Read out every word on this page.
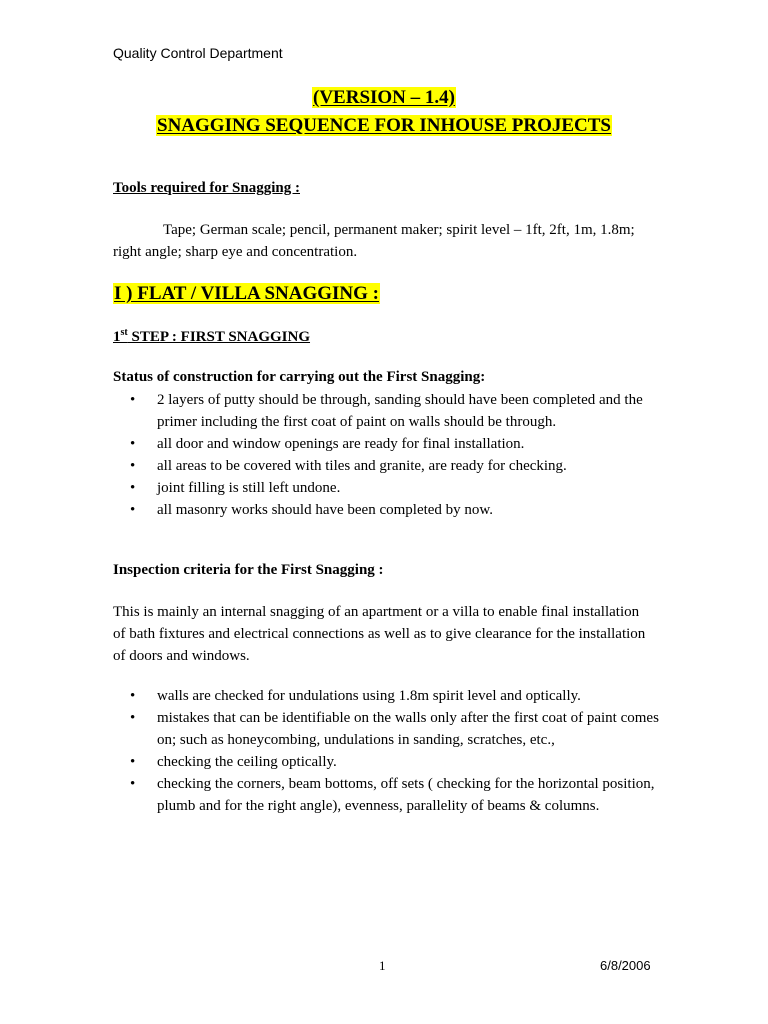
Quality Control Department
(VERSION – 1.4)
SNAGGING SEQUENCE FOR INHOUSE PROJECTS
Tools required for Snagging :
Tape; German scale; pencil, permanent maker; spirit level – 1ft, 2ft, 1m, 1.8m; right angle; sharp eye and concentration.
I ) FLAT / VILLA SNAGGING :
1st STEP : FIRST SNAGGING
Status of construction for carrying out the First Snagging:
• 2 layers of putty should be through, sanding should have been completed and the primer including the first coat of paint on walls should be through.
• all door and window openings are ready for final installation.
• all areas to be covered with tiles and granite, are ready for checking.
• joint filling is still left undone.
• all masonry works should have been completed by now.
Inspection criteria for the First Snagging :
This is mainly an internal snagging of an apartment or a villa to enable final installation of bath fixtures and electrical connections as well as to give clearance for the installation of doors and windows.
• walls are checked for undulations using 1.8m spirit level and optically.
• mistakes that can be identifiable on the walls only after the first coat of paint comes on; such as honeycombing, undulations in sanding, scratches, etc.,
• checking the ceiling optically.
• checking the corners, beam bottoms, off sets ( checking for the horizontal position, plumb and for the right angle), evenness, parallelity of beams & columns.
1	6/8/2006
